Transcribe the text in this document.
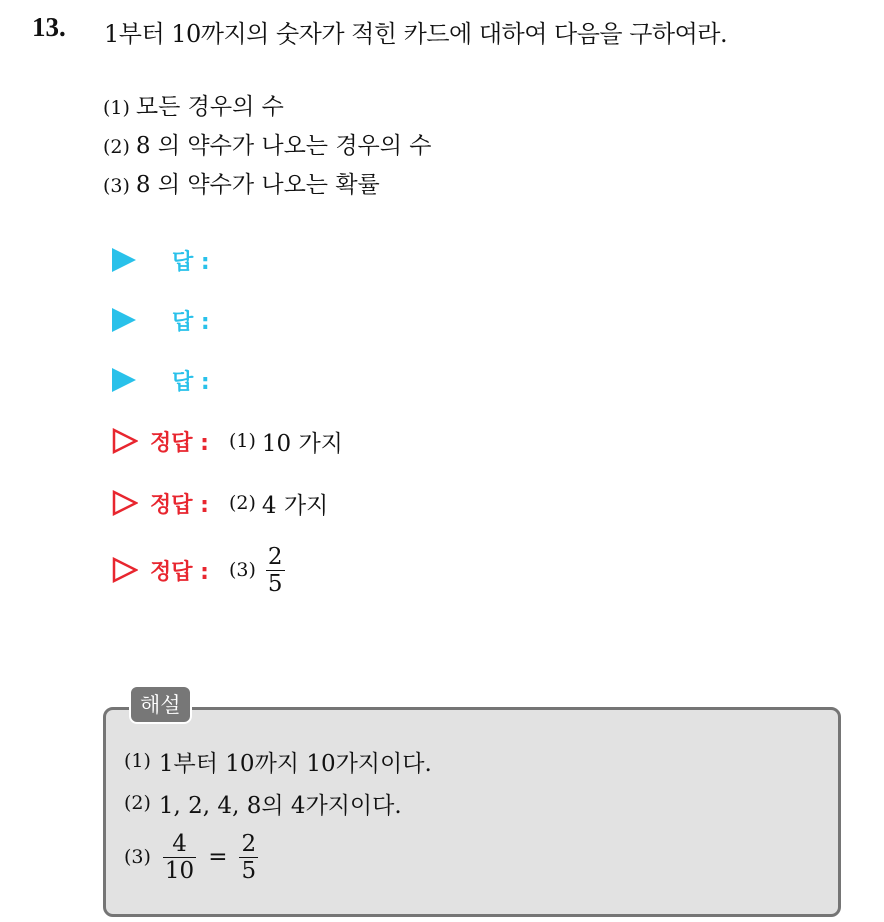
13. 1부터 10까지의 숫자가 적힌 카드에 대하여 다음을 구하여라.
(1) 모든 경우의 수
(2) 8 의 약수가 나오는 경우의 수
(3) 8 의 약수가 나오는 확률
답 :
답 :
답 :
정답 : (1) 10 가지
정답 : (2) 4 가지
정답 : $(3) \frac{2}{5}$
해설
(1) 1부터 10까지 10가지이다.
(2) 1, 2, 4, 8의 4가지이다.
$(3) \frac{4}{10} = \frac{2}{5}$
